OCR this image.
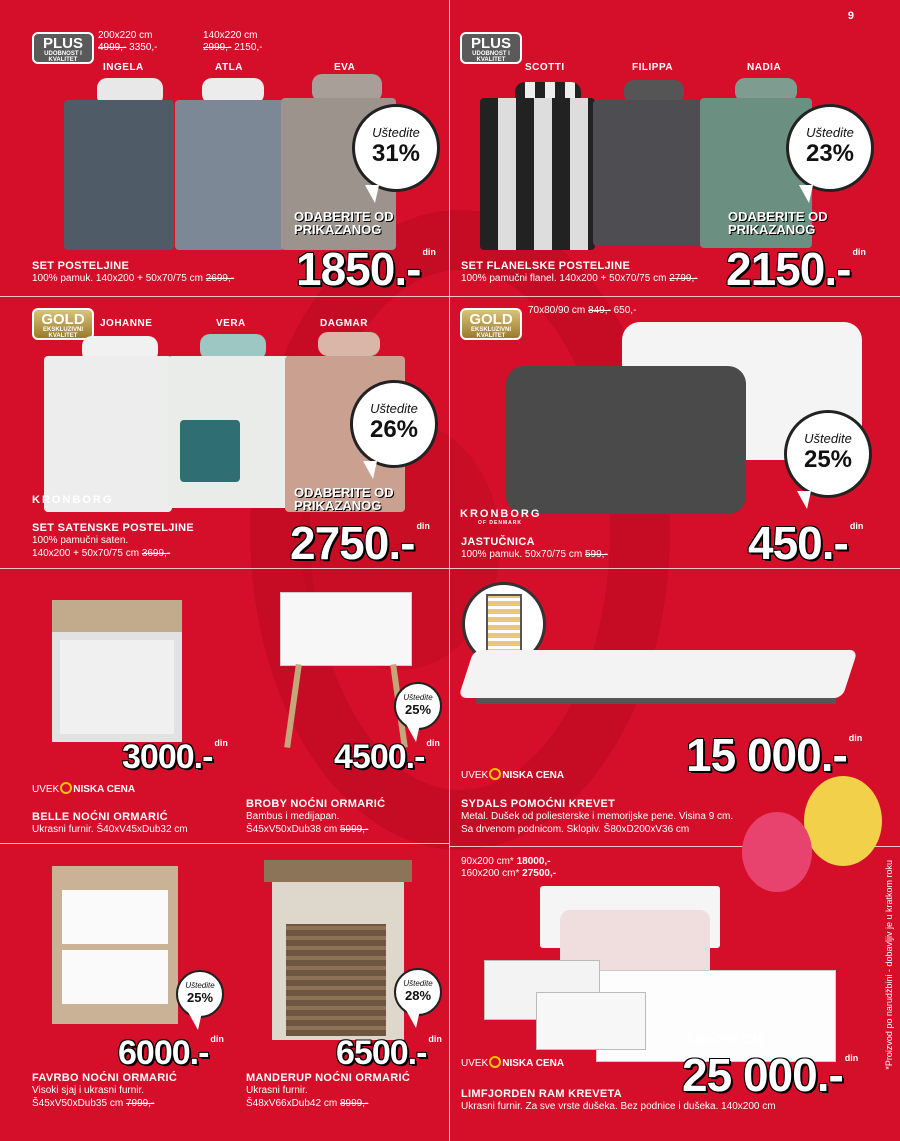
9
PLUS
UDOBNOST I KVALITET
200x220 cm
4999,- 3350,-
140x220 cm
2999,- 2150,-
INGELA	ATLA	EVA
Uštedite
31%
ODABERITE OD PRIKAZANOG
SET POSTELJINE
100% pamuk. 140x200 + 50x70/75 cm 2699,- 1850.- $^{din}$
PLUS
UDOBNOST I KVALITET
SCOTTI	FILIPPA	NADIA
Uštedite
23%
ODABERITE OD PRIKAZANOG
SET FLANELSKE POSTELJINE
100% pamučni flanel. 140x200 + 50x70/75 cm 2799,- 2150.- $^{din}$
GOLD
EKSKLUZIVNI
KVALITET
JOHANNE	VERA	DAGMAR
KRONBORG
Uštedite
26%
ODABERITE OD PRIKAZANOG
SET SATENSKE POSTELJINE
100% pamučni saten.
140x200 + 50x70/75 cm 3699,-	2750.- $^{din}$
GOLD
EKSKLUZIVNI
KVALITET
70x80/90 cm 849,- 650,-
KRONBORG
OF DENMARK
Uštedite
25%
JASTUČNICA
100% pamuk. 50x70/75 cm 599,-	450.- $^{din}$
3000.- $^{din}$
UVEK NISKA CENA
BELLE NOĆNI ORMARIĆ
Ukrasni furnir. Š40xV45xDub32 cm
Uštedite
25%
4500.- $^{din}$
BROBY NOĆNI ORMARIĆ
Bambus i medijapan.
Š45xV50xDub38 cm 5999,-
15 000.- $^{din}$
UVEK NISKA CENA
SYDALS POMOĆNI KREVET
Metal. Dušek od poliesterske i memorijske pene. Visina 9 cm.
Sa drvenom podnicom. Sklopiv. Š80xD200xV36 cm
Uštedite
25%
6000.- $^{din}$
FAVRBO NOĆNI ORMARIĆ
Visoki sjaj i ukrasni furnir.
Š45xV50xDub35 cm 7999,-
Uštedite
28%
6500.- $^{din}$
MANDERUP NOĆNI ORMARIĆ
Ukrasni furnir.
Š48xV66xDub42 cm 8999,-
90x200 cm* 18000,-
160x200 cm* 27500,-
UVEK NISKA CENA
140x200 CM
25 000.- $^{din}$
LIMFJORDEN RAM KREVETA
Ukrasni furnir. Za sve vrste dušeka. Bez podnice i dušeka. 140x200 cm
*Proizvod po narudžbini - dobavljiv je u kratkom roku
